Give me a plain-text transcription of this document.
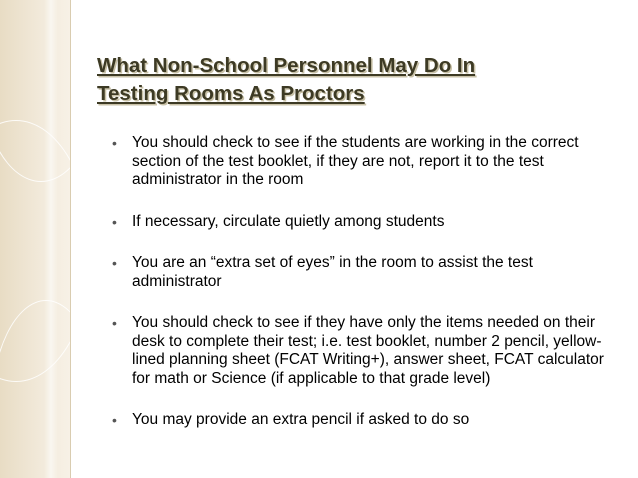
What Non-School Personnel May Do In
Testing Rooms As Proctors
• You should check to see if the students are working in the correct section of the test booklet, if they are not, report it to the test administrator in the room
• If necessary, circulate quietly among students
• You are an “extra set of eyes” in the room to assist the test administrator
• You should check to see if they have only the items needed on their desk to complete their test; i.e. test booklet, number 2 pencil, yellow-lined planning sheet (FCAT Writing+), answer sheet, FCAT calculator for math or Science (if applicable to that grade level)
• You may provide an extra pencil if asked to do so
